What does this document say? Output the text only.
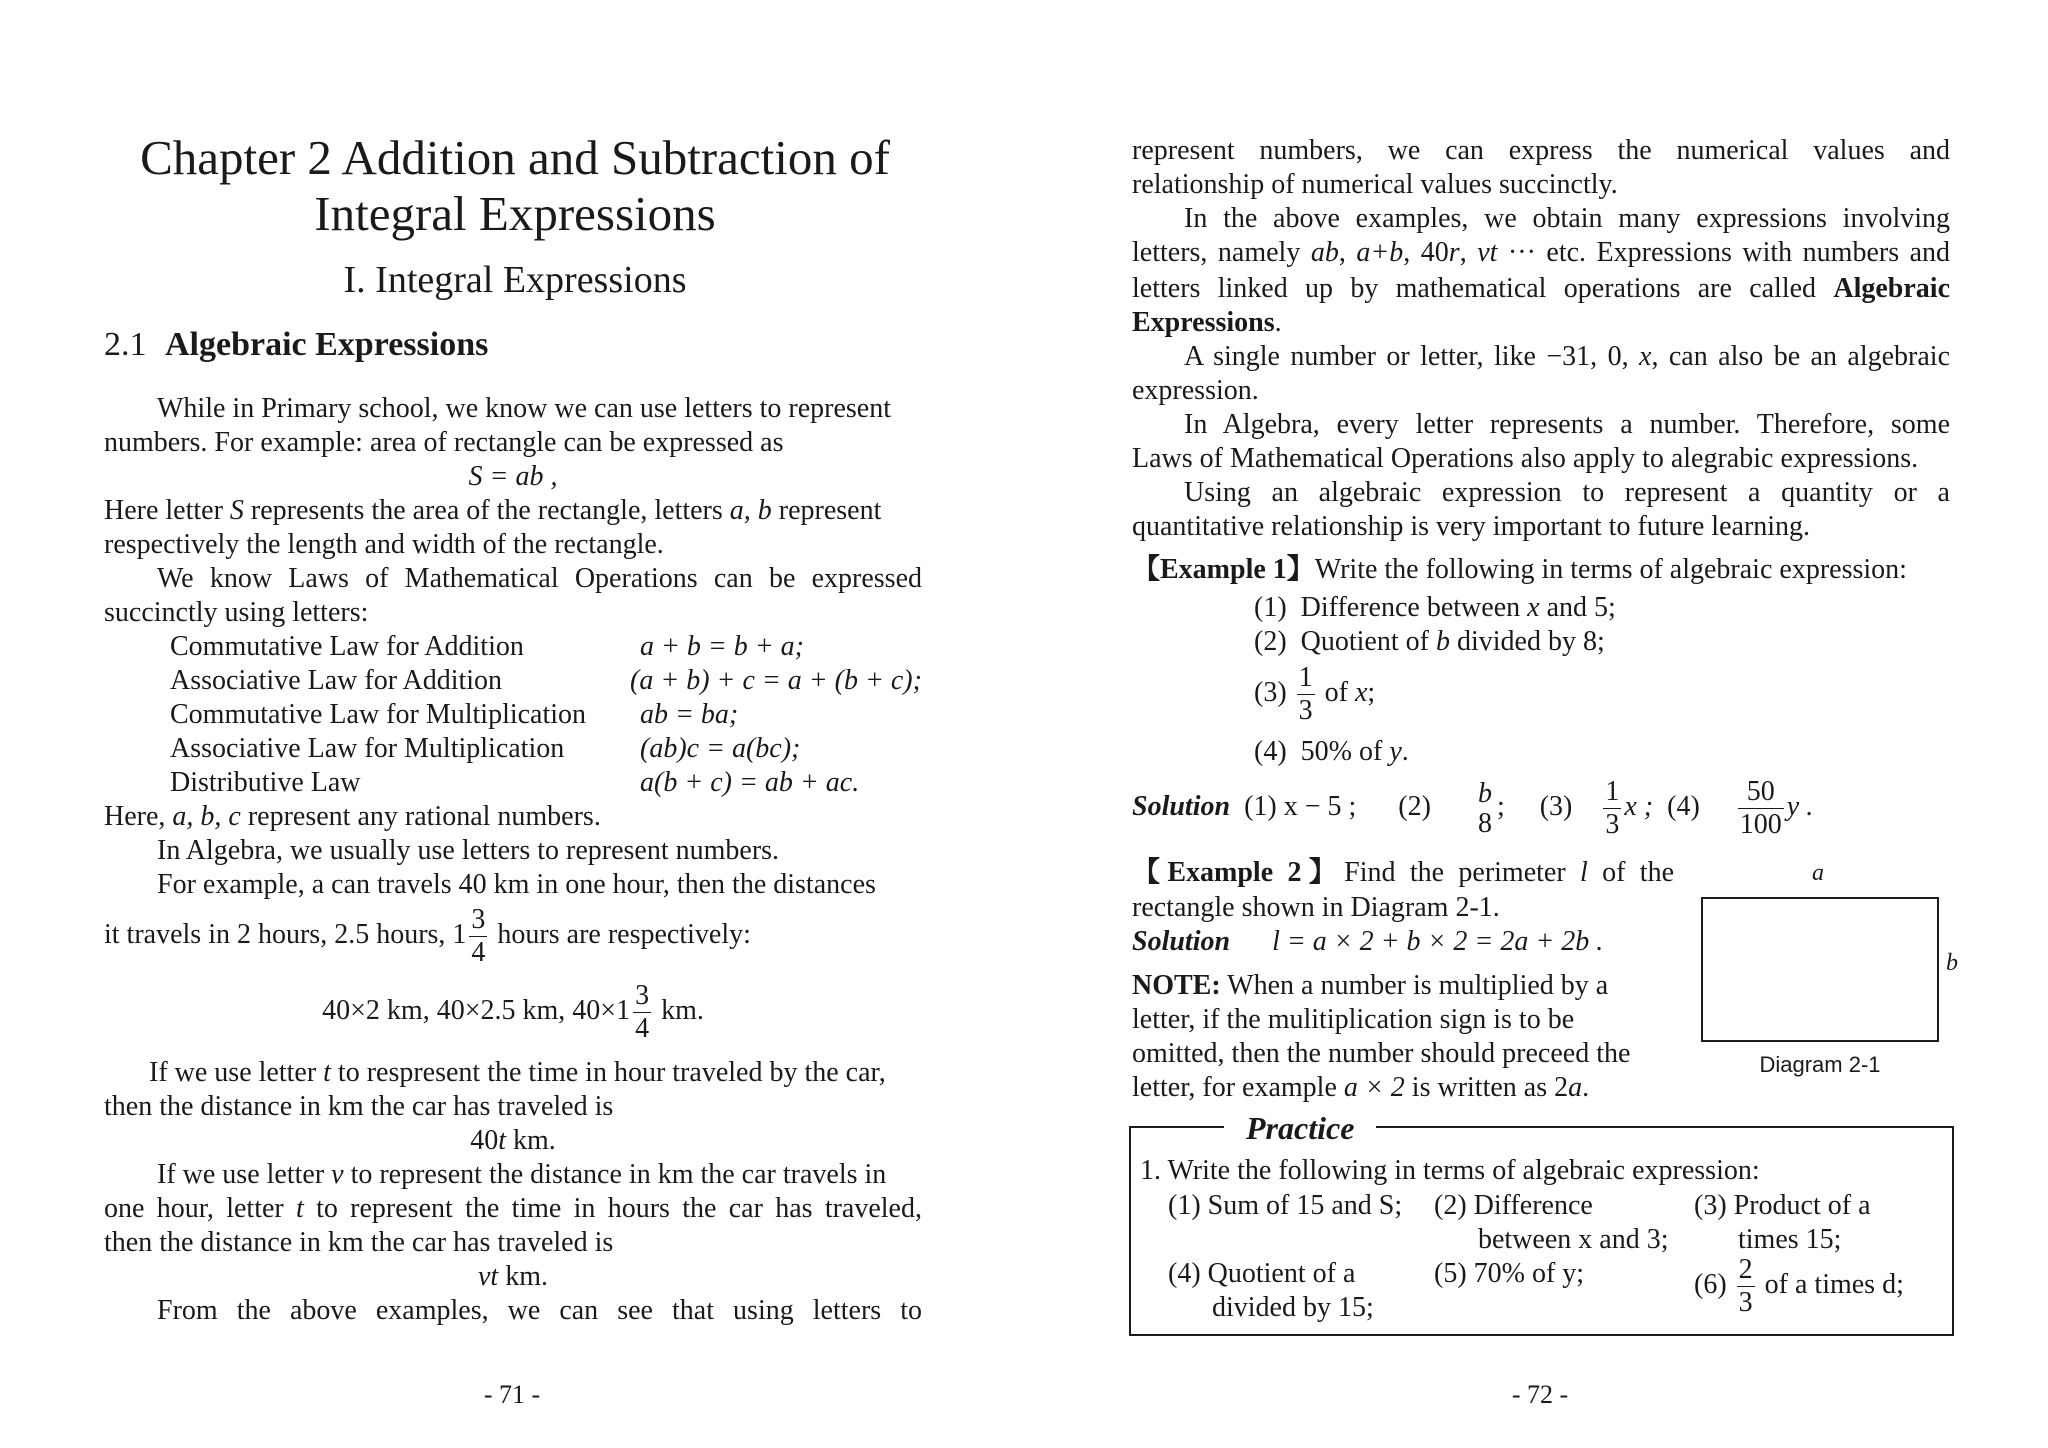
Chapter 2 Addition and Subtraction of
Integral Expressions
I. Integral Expressions
2.1 Algebraic Expressions
While in Primary school, we know we can use letters to represent
numbers. For example: area of rectangle can be expressed as
S = ab ,
Here letter S represents the area of the rectangle, letters a, b represent
respectively the length and width of the rectangle.
We know Laws of Mathematical Operations can be expressed
succinctly using letters:
Commutative Law for Addition	a + b = b + a;
Associative Law for Addition	(a + b) + c = a + (b + c);
Commutative Law for Multiplication ab = ba;
Associative Law for Multiplication	(ab)c = a(bc);
Distributive Law	a(b + c) = ab + ac.
Here, a, b, c represent any rational numbers.
In Algebra, we usually use letters to represent numbers.
For example, a can travels 40 km in one hour, then the distances
it travels in 2 hours, 2.5 hours, $1 \frac{3}{4}$ hours are respectively:
40×2 km, 40×2.5 km, $40\times 1 \frac{3}{4}$ km.
If we use letter t to respresent the time in hour traveled by the car,
then the distance in km the car has traveled is
40t km.
If we use letter v to represent the distance in km the car travels in
one hour, letter t to represent the time in hours the car has traveled,
then the distance in km the car has traveled is
vt km.
From the above examples, we can see that using letters to
- 71 -
represent numbers, we can express the numerical values and
relationship of numerical values succinctly.
In the above examples, we obtain many expressions involving
letters, namely ab, a+b, 40r, vt ··· etc. Expressions with numbers and
letters linked up by mathematical operations are called Algebraic
Expressions.
A single number or letter, like −31, 0, x, can also be an algebraic
expression.
In Algebra, every letter represents a number. Therefore, some
Laws of Mathematical Operations also apply to alegrabic expressions.
Using an algebraic expression to represent a quantity or a
quantitative relationship is very important to future learning.
【Example 1】Write the following in terms of algebraic expression:
(1) Difference between x and 5;
(2) Quotient of b divided by 8;
$(3) \frac{1}{3}$ of x;
(4) 50% of y.
Solution (1) x − 5 ; (2) b
8
; $(3) \frac{1}{3}$ x ; $(4) \frac{50}{100}$ y .
【Example 2】Find the perimeter l of the
rectangle shown in Diagram 2-1.
Solution l = a × 2 + b × 2 = 2a + 2b .
NOTE: When a number is multiplied by a
letter, if the mulitiplication sign is to be
omitted, then the number should preceed the
letter, for example a × 2 is written as 2a.
a
b
Diagram 2-1
Practice
1. Write the following in terms of algebraic expression:
(1) Sum of 15 and S; (2) Difference
between x and 3;
(3) Product of a
times 15;
(4) Quotient of a
divided by 15;
(5) 70% of y;	$(6) \frac{2}{3}$ of a times d;
- 72 -
